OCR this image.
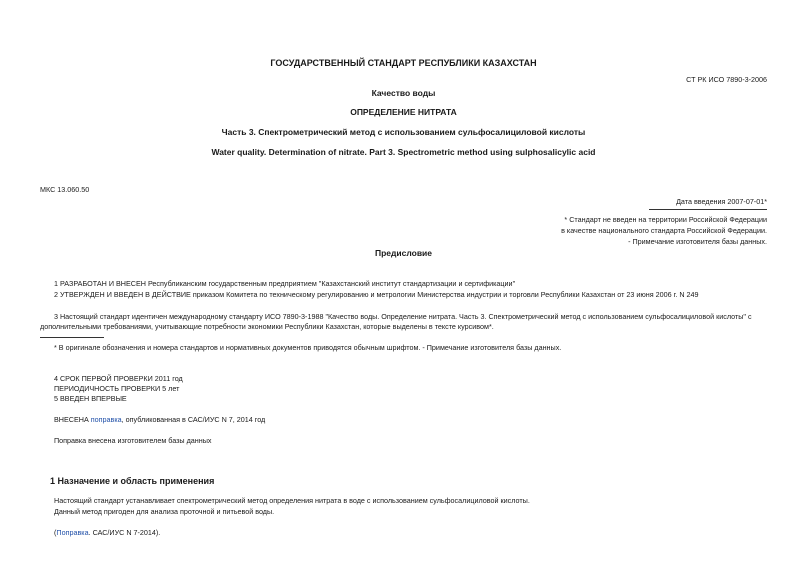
СТ РК ИСО 7890-3-2006
ГОСУДАРСТВЕННЫЙ СТАНДАРТ РЕСПУБЛИКИ КАЗАХСТАН
Качество воды
ОПРЕДЕЛЕНИЕ НИТРАТА
Часть 3. Спектрометрический метод с использованием сульфосалициловой кислоты
Water quality. Determination of nitrate. Part 3. Spectrometric method using sulphosalicylic acid
МКС 13.060.50
Дата введения 2007-07-01*
* Стандарт не введен на территории Российской Федерации
в качестве национального стандарта Российской Федерации.
- Примечание изготовителя базы данных.
Предисловие
1 РАЗРАБОТАН И ВНЕСЕН Республиканским государственным предприятием "Казахстанский институт стандартизации и сертификации"
2 УТВЕРЖДЕН И ВВЕДЕН В ДЕЙСТВИЕ приказом Комитета по техническому регулированию и метрологии Министерства индустрии и торговли Республики Казахстан от 23 июня 2006 г. N 249
3 Настоящий стандарт идентичен международному стандарту ИСО 7890-3-1988 "Качество воды. Определение нитрата. Часть 3. Спектрометрический метод с использованием сульфосалициловой кислоты" с
дополнительными требованиями, учитывающие потребности экономики Республики Казахстан, которые выделены в тексте курсивом*.
* В оригинале обозначения и номера стандартов и нормативных документов приводятся обычным шрифтом. - Примечание изготовителя базы данных.
4 СРОК ПЕРВОЙ ПРОВЕРКИ 2011 год
ПЕРИОДИЧНОСТЬ ПРОВЕРКИ 5 лет
5 ВВЕДЕН ВПЕРВЫЕ
ВНЕСЕНА поправка, опубликованная в САС/ИУС N 7, 2014 год
Поправка внесена изготовителем базы данных
1 Назначение и область применения
Настоящий стандарт устанавливает спектрометрический метод определения нитрата в воде с использованием сульфосалициловой кислоты.
Данный метод пригоден для анализа проточной и питьевой воды.
(Поправка. САС/ИУС N 7-2014).
